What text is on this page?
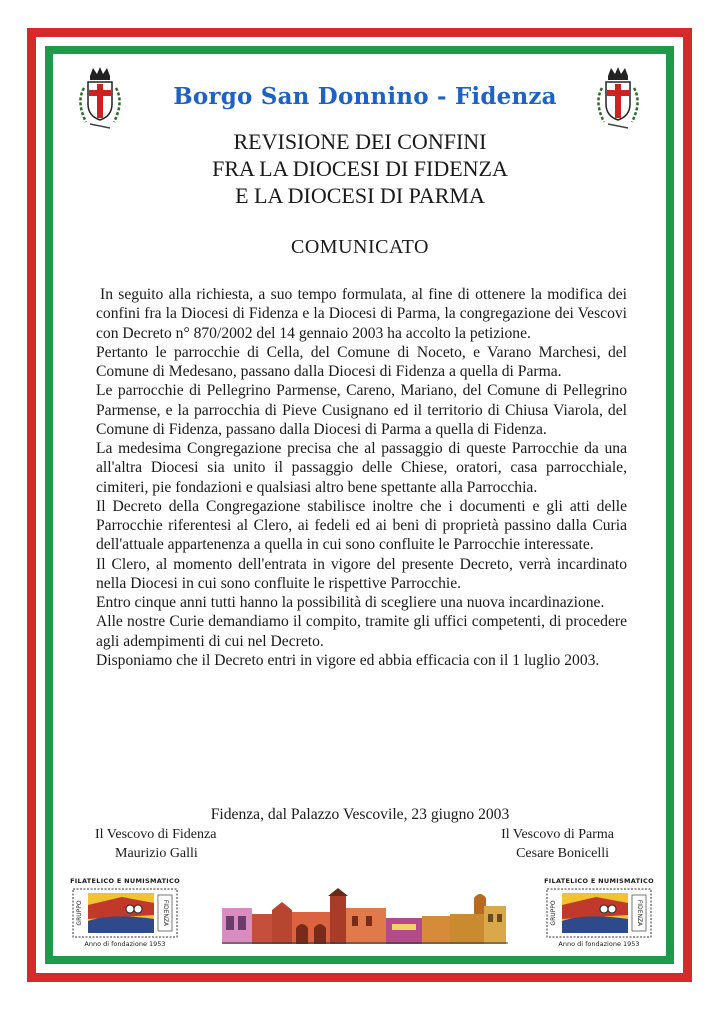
Borgo San Donnino - Fidenza
REVISIONE DEI CONFINI
FRA LA DIOCESI DI FIDENZA
E LA DIOCESI DI PARMA
COMUNICATO

In seguito alla richiesta, a suo tempo formulata, al fine di ottenere la modifica dei confini fra la Diocesi di Fidenza e la Diocesi di Parma, la congregazione dei Vescovi con Decreto n° 870/2002 del 14 gennaio 2003 ha accolto la petizione.

Pertanto le parrocchie di Cella, del Comune di Noceto, e Varano Marchesi, del Comune di Medesano, passano dalla Diocesi di Fidenza a quella di Parma.

Le parrocchie di Pellegrino Parmense, Careno, Mariano, del Comune di Pellegrino Parmense, e la parrocchia di Pieve Cusignano ed il territorio di Chiusa Viarola, del Comune di Fidenza, passano dalla Diocesi di Parma a quella di Fidenza.

La medesima Congregazione precisa che al passaggio di queste Parrocchie da una all'altra Diocesi sia unito il passaggio delle Chiese, oratori, casa parrocchiale, cimiteri, pie fondazioni e qualsiasi altro bene spettante alla Parrocchia.

Il Decreto della Congregazione stabilisce inoltre che i documenti e gli atti delle Parrocchie riferentesi al Clero, ai fedeli ed ai beni di proprietà passino dalla Curia dell'attuale appartenenza a quella in cui sono confluite le Parrocchie interessate.

Il Clero, al momento dell'entrata in vigore del presente Decreto, verrà incardinato nella Diocesi in cui sono confluite le rispettive Parrocchie.

Entro cinque anni tutti hanno la possibilità di scegliere una nuova incardinazione.

Alle nostre Curie demandiamo il compito, tramite gli uffici competenti, di procedere agli adempimenti di cui nel Decreto.

Disponiamo che il Decreto entri in vigore ed abbia efficacia con il 1 luglio 2003.

Fidenza, dal Palazzo Vescovile, 23 giugno 2003
Il Vescovo di Fidenza
Maurizio Galli
Il Vescovo di Parma
Cesare Bonicelli
FILATELICO E NUMISMATICO
FIDENZA
GRUPPO
Anno di fondazione 1953
FILATELICO E NUMISMATICO
FIDENZA
GRUPPO
Anno di fondazione 1953
